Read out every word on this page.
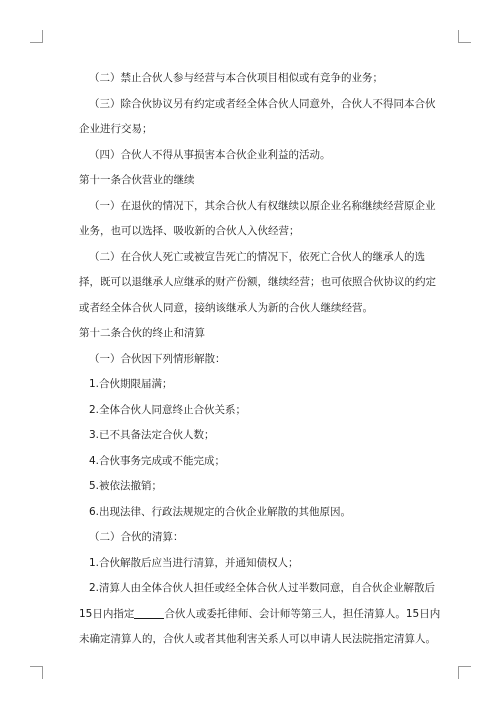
（二）禁止合伙人参与经营与本合伙项目相似或有竞争的业务；

（三）除合伙协议另有约定或者经全体合伙人同意外，合伙人不得同本合伙企业进行交易；

（四）合伙人不得从事损害本合伙企业利益的活动。

第十一条合伙营业的继续

（一）在退伙的情况下，其余合伙人有权继续以原企业名称继续经营原企业业务，也可以选择、吸收新的合伙人入伙经营；

（二）在合伙人死亡或被宣告死亡的情况下，依死亡合伙人的继承人的选择，既可以退继承人应继承的财产份额，继续经营；也可依照合伙协议的约定或者经全体合伙人同意，接纳该继承人为新的合伙人继续经营。

第十二条合伙的终止和清算

（一）合伙因下列情形解散：

1.合伙期限届满；

2.全体合伙人同意终止合伙关系；

3.已不具备法定合伙人数；

4.合伙事务完成或不能完成；

5.被依法撤销；

6.出现法律、行政法规规定的合伙企业解散的其他原因。

（二）合伙的清算：

1.合伙解散后应当进行清算，并通知债权人；

2.清算人由全体合伙人担任或经全体合伙人过半数同意，自合伙企业解散后15日内指定	合伙人或委托律师、会计师等第三人，担任清算人。15日内未确定清算人的，合伙人或者其他利害关系人可以申请人民法院指定清算人。
